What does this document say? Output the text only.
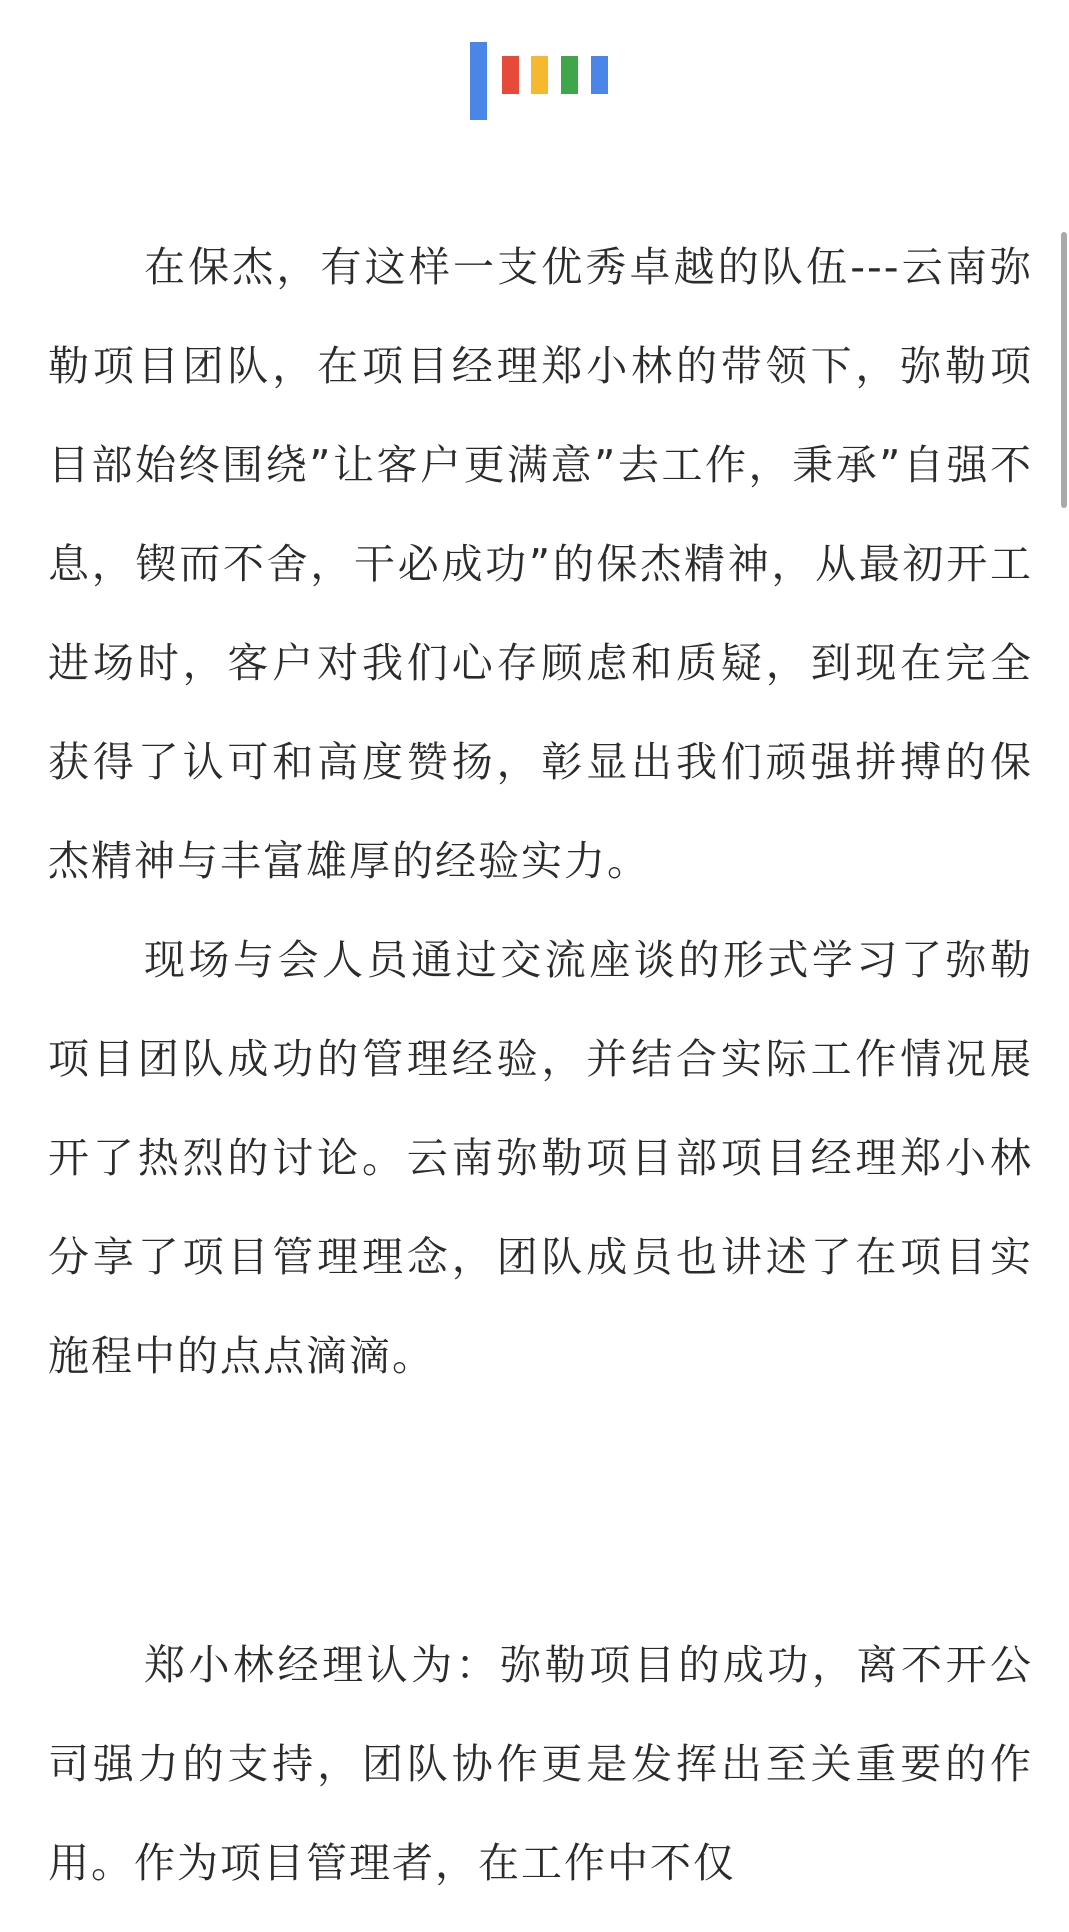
在保杰，有这样一支优秀卓越的队伍---云南弥勒项目团队，在项目经理郑小林的带领下，弥勒项目部始终围绕”让客户更满意”去工作，秉承”自强不息，锲而不舍，干必成功”的保杰精神，从最初开工进场时，客户对我们心存顾虑和质疑，到现在完全获得了认可和高度赞扬，彰显出我们顽强拼搏的保杰精神与丰富雄厚的经验实力。

现场与会人员通过交流座谈的形式学习了弥勒项目团队成功的管理经验，并结合实际工作情况展开了热烈的讨论。云南弥勒项目部项目经理郑小林分享了项目管理理念，团队成员也讲述了在项目实施程中的点点滴滴。

郑小林经理认为：弥勒项目的成功，离不开公司强力的支持，团队协作更是发挥出至关重要的作用。作为项目管理者，在工作中不仅
